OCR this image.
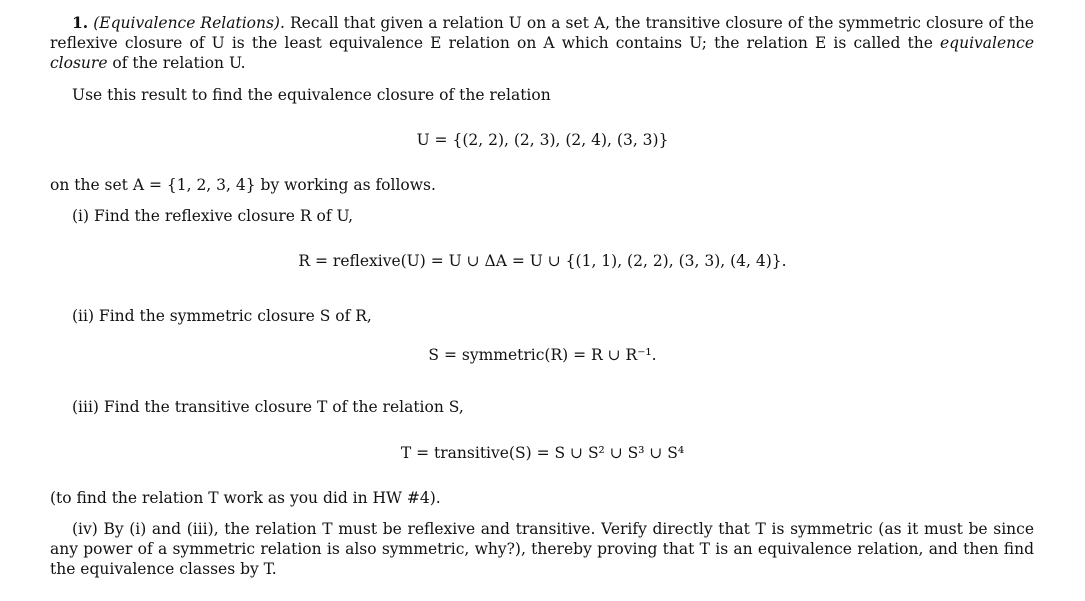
1. (Equivalence Relations). Recall that given a relation U on a set A, the transitive closure of the symmetric closure of the reflexive closure of U is the least equivalence E relation on A which contains U; the relation E is called the equivalence closure of the relation U.
Use this result to find the equivalence closure of the relation
U = {(2, 2), (2, 3), (2, 4), (3, 3)}
on the set A = {1, 2, 3, 4} by working as follows.
(i) Find the reflexive closure R of U,
R = reflexive(U) = U ∪ ΔA = U ∪ {(1, 1), (2, 2), (3, 3), (4, 4)}.
(ii) Find the symmetric closure S of R,
S = symmetric(R) = R ∪ R⁻¹.
(iii) Find the transitive closure T of the relation S,
T = transitive(S) = S ∪ S² ∪ S³ ∪ S⁴
(to find the relation T work as you did in HW #4).
(iv) By (i) and (iii), the relation T must be reflexive and transitive. Verify directly that T is symmetric (as it must be since any power of a symmetric relation is also symmetric, why?), thereby proving that T is an equivalence relation, and then find the equivalence classes by T.
